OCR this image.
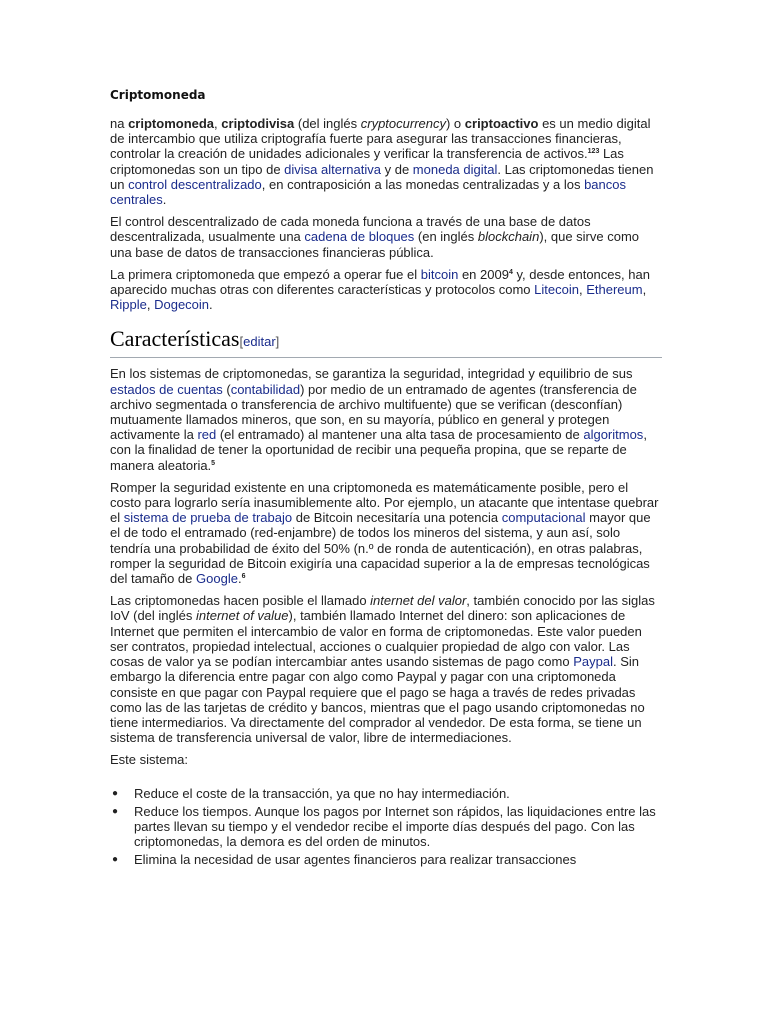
Criptomoneda

na criptomoneda, criptodivisa (del inglés cryptocurrency) o criptoactivo es un medio digital de intercambio que utiliza criptografía fuerte para asegurar las transacciones financieras, controlar la creación de unidades adicionales y verificar la transferencia de activos.$^{123}$ Las criptomonedas son un tipo de divisa alternativa y de moneda digital. Las criptomonedas tienen un control descentralizado, en contraposición a las monedas centralizadas y a los bancos centrales.

El control descentralizado de cada moneda funciona a través de una base de datos descentralizada, usualmente una cadena de bloques (en inglés blockchain), que sirve como una base de datos de transacciones financieras pública.

La primera criptomoneda que empezó a operar fue el bitcoin en 2009$^4$ y, desde entonces, han aparecido muchas otras con diferentes características y protocolos como Litecoin, Ethereum, Ripple, Dogecoin.

Características[editar]

En los sistemas de criptomonedas, se garantiza la seguridad, integridad y equilibrio de sus estados de cuentas (contabilidad) por medio de un entramado de agentes (transferencia de archivo segmentada o transferencia de archivo multifuente) que se verifican (desconfían) mutuamente llamados mineros, que son, en su mayoría, público en general y protegen activamente la red (el entramado) al mantener una alta tasa de procesamiento de algoritmos, con la finalidad de tener la oportunidad de recibir una pequeña propina, que se reparte de manera aleatoria.$^5$

Romper la seguridad existente en una criptomoneda es matemáticamente posible, pero el costo para lograrlo sería inasumiblemente alto. Por ejemplo, un atacante que intentase quebrar el sistema de prueba de trabajo de Bitcoin necesitaría una potencia computacional mayor que el de todo el entramado (red-enjambre) de todos los mineros del sistema, y aun así, solo tendría una probabilidad de éxito del 50% (n.º de ronda de autenticación), en otras palabras, romper la seguridad de Bitcoin exigiría una capacidad superior a la de empresas tecnológicas del tamaño de Google.$^6$

Las criptomonedas hacen posible el llamado internet del valor, también conocido por las siglas IoV (del inglés internet of value), también llamado Internet del dinero: son aplicaciones de Internet que permiten el intercambio de valor en forma de criptomonedas. Este valor pueden ser contratos, propiedad intelectual, acciones o cualquier propiedad de algo con valor. Las cosas de valor ya se podían intercambiar antes usando sistemas de pago como Paypal. Sin embargo la diferencia entre pagar con algo como Paypal y pagar con una criptomoneda consiste en que pagar con Paypal requiere que el pago se haga a través de redes privadas como las de las tarjetas de crédito y bancos, mientras que el pago usando criptomonedas no tiene intermediarios. Va directamente del comprador al vendedor. De esta forma, se tiene un sistema de transferencia universal de valor, libre de intermediaciones.

Este sistema:

● Reduce el coste de la transacción, ya que no hay intermediación.
● Reduce los tiempos. Aunque los pagos por Internet son rápidos, las liquidaciones entre las partes llevan su tiempo y el vendedor recibe el importe días después del pago. Con las criptomonedas, la demora es del orden de minutos.
● Elimina la necesidad de usar agentes financieros para realizar transacciones
